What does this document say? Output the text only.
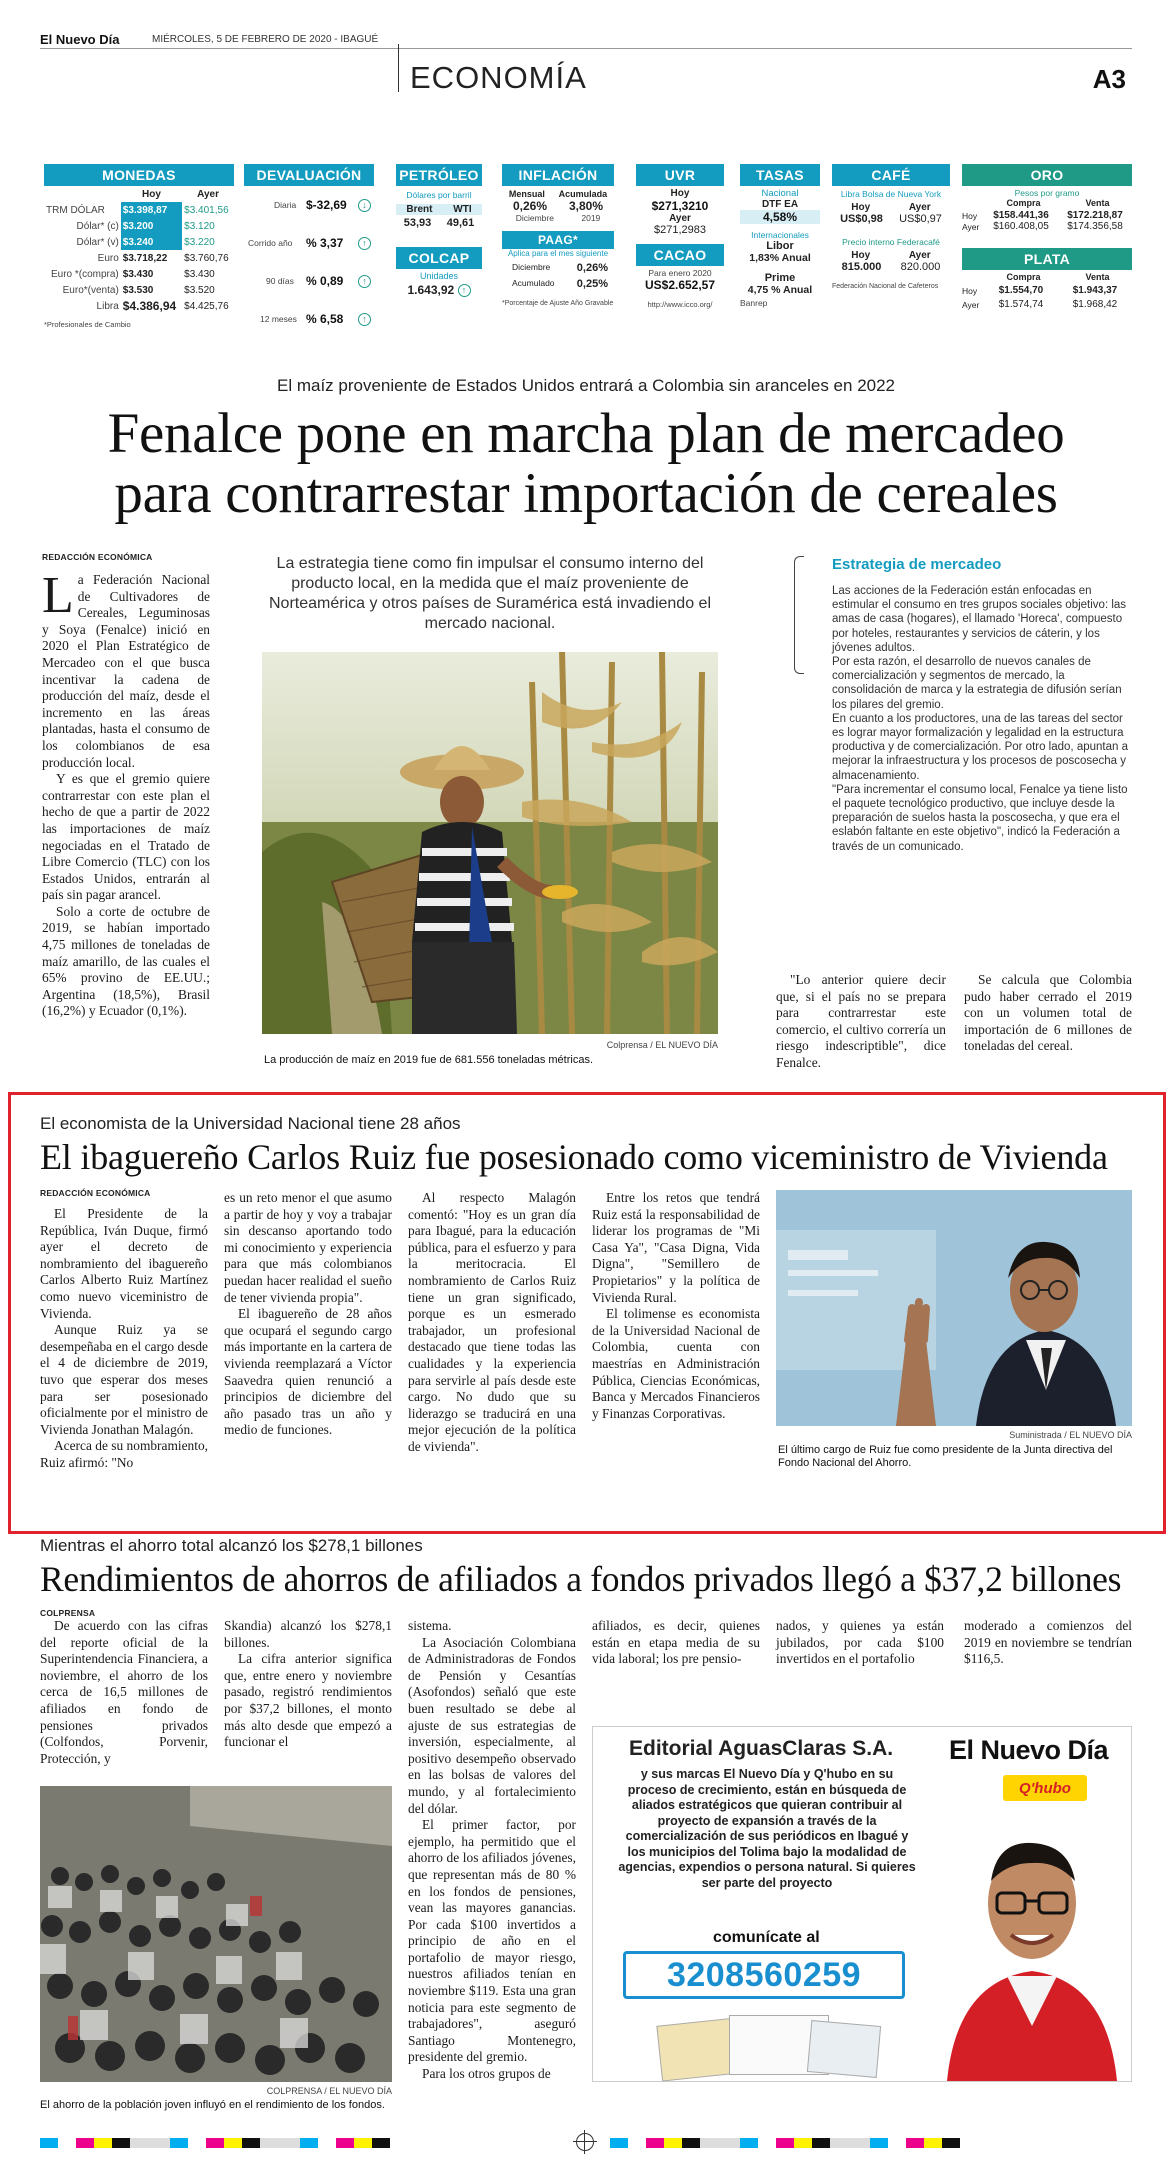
El Nuevo Día	MIÉRCOLES, 5 DE FEBRERO DE 2020 - IBAGUÉ
ECONOMÍA	A3
MONEDAS
	Hoy	Ayer
TRM DÓLAR	$3.398,87	$3.401,56
Dólar* (c)	$3.200	$3.120
Dólar* (v)	$3.240	$3.220
Euro	$3.718,22	$3.760,76
Euro *(compra)	$3.430	$3.430
Euro*(venta)	$3.530	$3.520
Libra	$4.386,94	$4.425,76
*Profesionales de Cambio
DEVALUACIÓN
Diaria $-32,69	↓
Corrido año % 3,37	↑
90 días % 0,89	↑
12 meses % 6,58	↑
PETRÓLEO
Dólares por barril
Brent WTI
53,93 49,61
COLCAP
Unidades
1.643,92 ↑
INFLACIÓN
Mensual Acumulada
0,26% 3,80%
Diciembre	2019
PAAG*
Aplica para el mes siguiente
Diciembre 0,26%
Acumulado 0,25%
*Porcentaje de Ajuste Año Gravable
UVR
Hoy
$271,3210
Ayer
$271,2983
CACAO
Para enero 2020
US$2.652,57
http://www.icco.org/
TASAS
Nacional
DTF EA
4,58%
Internacionales
Libor
1,83% Anual
Prime
4,75 % Anual
Banrep
CAFÉ
Libra Bolsa de Nueva York
Hoy	Ayer
US$0,98 US$0,97
Precio interno Federacafé
Hoy	Ayer
815.000 820.000
Federación Nacional de Cafeteros
ORO
Pesos por gramo
Compra	Venta
Hoy	$158.441,36	$172.218,87
Ayer	$160.408,05	$174.356,58
PLATA
Compra	Venta
Hoy	$1.554,70	$1.943,37
Ayer	$1.574,74	$1.968,42
El maíz proveniente de Estados Unidos entrará a Colombia sin aranceles en 2022
Fenalce pone en marcha plan de mercadeo
para contrarrestar importación de cereales
REDACCIÓN ECONÓMICA

La Federación Nacional de Cultivadores de Cereales, Leguminosas y Soya (Fenalce) inició en 2020 el Plan Estratégico de Mercadeo con el que busca incentivar la cadena de producción del maíz, desde el incremento en las áreas plantadas, hasta el consumo de los colombianos de esa producción local.

Y es que el gremio quiere contrarrestar con este plan el hecho de que a partir de 2022 las importaciones de maíz negociadas en el Tratado de Libre Comercio (TLC) con los Estados Unidos, entrarán al país sin pagar arancel.

Solo a corte de octubre de 2019, se habían importado 4,75 millones de toneladas de maíz amarillo, de las cuales el 65% provino de EE.UU.; Argentina (18,5%), Brasil (16,2%) y Ecuador (0,1%).

La estrategia tiene como fin impulsar el consumo interno del producto local, en la medida que el maíz proveniente de Norteamérica y otros países de Suramérica está invadiendo el mercado nacional.
Colprensa / EL NUEVO DÍA
La producción de maíz en 2019 fue de 681.556 toneladas métricas.
Estrategia de mercadeo
Las acciones de la Federación están enfocadas en estimular el consumo en tres grupos sociales objetivo: las amas de casa (hogares), el llamado 'Horeca', compuesto por hoteles, restaurantes y servicios de cáterin, y los jóvenes adultos.
Por esta razón, el desarrollo de nuevos canales de comercialización y segmentos de mercado, la consolidación de marca y la estrategia de difusión serían los pilares del gremio.
En cuanto a los productores, una de las tareas del sector es lograr mayor formalización y legalidad en la estructura productiva y de comercialización. Por otro lado, apuntan a mejorar la infraestructura y los procesos de poscosecha y almacenamiento.
"Para incrementar el consumo local, Fenalce ya tiene listo el paquete tecnológico productivo, que incluye desde la preparación de suelos hasta la poscosecha, y que era el eslabón faltante en este objetivo", indicó la Federación a través de un comunicado.

"Lo anterior quiere decir que, si el país no se prepara para contrarrestar este comercio, el cultivo correría un riesgo indescriptible", dice Fenalce.

Se calcula que Colombia pudo haber cerrado el 2019 con un volumen total de importación de 6 millones de toneladas del cereal.

El economista de la Universidad Nacional tiene 28 años
El ibaguereño Carlos Ruiz fue posesionado como viceministro de Vivienda
REDACCIÓN ECONÓMICA

El Presidente de la República, Iván Duque, firmó ayer el decreto de nombramiento del ibaguereño Carlos Alberto Ruiz Martínez como nuevo viceministro de Vivienda.

Aunque Ruiz ya se desempeñaba en el cargo desde el 4 de diciembre de 2019, tuvo que esperar dos meses para ser posesionado oficialmente por el ministro de Vivienda Jonathan Malagón.

Acerca de su nombramiento, Ruiz afirmó: "No

es un reto menor el que asumo a partir de hoy y voy a trabajar sin descanso aportando todo mi conocimiento y experiencia para que más colombianos puedan hacer realidad el sueño de tener vivienda propia".

El ibaguereño de 28 años que ocupará el segundo cargo más importante en la cartera de vivienda reemplazará a Víctor Saavedra quien renunció a principios de diciembre del año pasado tras un año y medio de funciones.

Al respecto Malagón comentó: "Hoy es un gran día para Ibagué, para la educación pública, para el esfuerzo y para la meritocracia. El nombramiento de Carlos Ruiz tiene un gran significado, porque es un esmerado trabajador, un profesional destacado que tiene todas las cualidades y la experiencia para servirle al país desde este cargo. No dudo que su liderazgo se traducirá en una mejor ejecución de la política de vivienda".

Entre los retos que tendrá Ruiz está la responsabilidad de liderar los programas de "Mi Casa Ya", "Casa Digna, Vida Digna", "Semillero de Propietarios" y la política de Vivienda Rural.

El tolimense es economista de la Universidad Nacional de Colombia, cuenta con maestrías en Administración Pública, Ciencias Económicas, Banca y Mercados Financieros y Finanzas Corporativas.

Suministrada / EL NUEVO DÍA
El último cargo de Ruiz fue como presidente de la Junta directiva del Fondo Nacional del Ahorro.
Mientras el ahorro total alcanzó los $278,1 billones
Rendimientos de ahorros de afiliados a fondos privados llegó a $37,2 billones
COLPRENSA

De acuerdo con las cifras del reporte oficial de la Superintendencia Financiera, a noviembre, el ahorro de los cerca de 16,5 millones de afiliados en fondo de pensiones privados (Colfondos, Porvenir, Protección, y

Skandia) alcanzó los $278,1 billones.

La cifra anterior significa que, entre enero y noviembre pasado, registró rendimientos por $37,2 billones, el monto más alto desde que empezó a funcionar el

sistema.

La Asociación Colombiana de Administradoras de Fondos de Pensión y Cesantías (Asofondos) señaló que este buen resultado se debe al ajuste de sus estrategias de inversión, especialmente, al positivo desempeño observado en las bolsas de valores del mundo, y al fortalecimiento del dólar.

El primer factor, por ejemplo, ha permitido que el ahorro de los afiliados jóvenes, que representan más de 80 % en los fondos de pensiones, vean las mayores ganancias. Por cada $100 invertidos a principio de año en el portafolio de mayor riesgo, nuestros afiliados tenían en noviembre $119. Esta una gran noticia para este segmento de trabajadores", aseguró Santiago Montenegro, presidente del gremio.

Para los otros grupos de

afiliados, es decir, quienes están en etapa media de su vida laboral; los pre pensio-

nados, y quienes ya están jubilados, por cada $100 invertidos en el portafolio

moderado a comienzos del 2019 en noviembre se tendrían $116,5.

COLPRENSA / EL NUEVO DÍA
El ahorro de la población joven influyó en el rendimiento de los fondos.
Editorial AguasClaras S.A.
y sus marcas El Nuevo Día y Q'hubo en su proceso de crecimiento, están en búsqueda de aliados estratégicos que quieran contribuir al proyecto de expansión a través de la comercialización de sus periódicos en Ibagué y los municipios del Tolima bajo la modalidad de agencias, expendios o persona natural. Si quieres ser parte del proyecto
comunícate al
3208560259
El Nuevo Día
Q'hubo
